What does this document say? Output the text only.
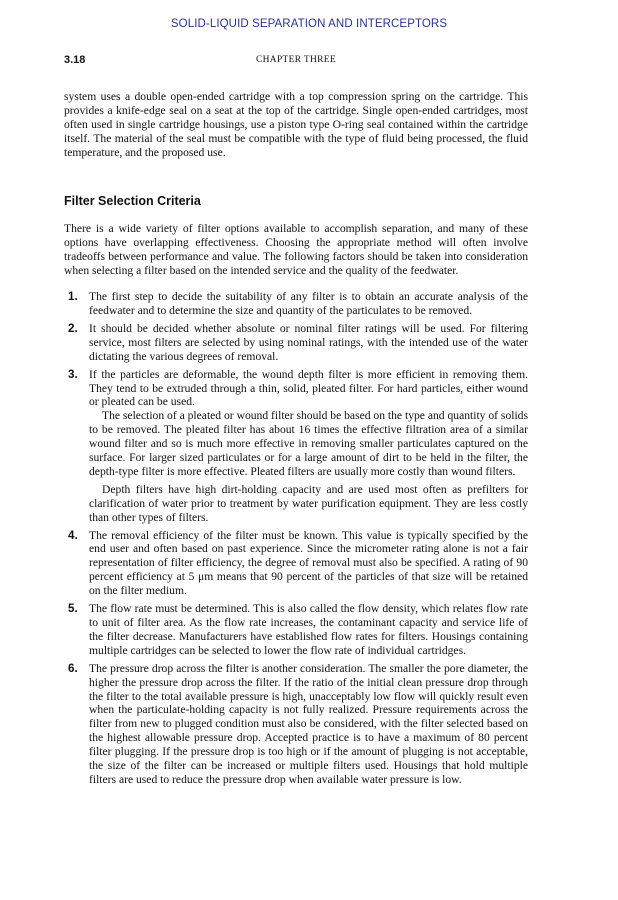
SOLID-LIQUID SEPARATION AND INTERCEPTORS
3.18	CHAPTER THREE

system uses a double open-ended cartridge with a top compression spring on the cartridge. This provides a knife-edge seal on a seat at the top of the cartridge. Single open-ended cartridges, most often used in single cartridge housings, use a piston type O-ring seal contained within the cartridge itself. The material of the seal must be compatible with the type of fluid being processed, the fluid temperature, and the proposed use.

Filter Selection Criteria

There is a wide variety of filter options available to accomplish separation, and many of these options have overlapping effectiveness. Choosing the appropriate method will often involve tradeoffs between performance and value. The following factors should be taken into consideration when selecting a filter based on the intended service and the quality of the feedwater.

1. The first step to decide the suitability of any filter is to obtain an accurate analysis of the feedwater and to determine the size and quantity of the particulates to be removed.
2. It should be decided whether absolute or nominal filter ratings will be used. For filtering service, most filters are selected by using nominal ratings, with the intended use of the water dictating the various degrees of removal.
3. If the particles are deformable, the wound depth filter is more efficient in removing them. They tend to be extruded through a thin, solid, pleated filter. For hard particles, either wound or pleated can be used.

The selection of a pleated or wound filter should be based on the type and quantity of solids to be removed. The pleated filter has about 16 times the effective filtration area of a similar wound filter and so is much more effective in removing smaller particulates captured on the surface. For larger sized particulates or for a large amount of dirt to be held in the filter, the depth-type filter is more effective. Pleated filters are usually more costly than wound filters.

Depth filters have high dirt-holding capacity and are used most often as prefilters for clarification of water prior to treatment by water purification equipment. They are less costly than other types of filters.

4. The removal efficiency of the filter must be known. This value is typically specified by the end user and often based on past experience. Since the micrometer rating alone is not a fair representation of filter efficiency, the degree of removal must also be specified. A rating of 90 percent efficiency at 5 μm means that 90 percent of the particles of that size will be retained on the filter medium.
5. The flow rate must be determined. This is also called the flow density, which relates flow rate to unit of filter area. As the flow rate increases, the contaminant capacity and service life of the filter decrease. Manufacturers have established flow rates for filters. Housings containing multiple cartridges can be selected to lower the flow rate of individual cartridges.
6. The pressure drop across the filter is another consideration. The smaller the pore diameter, the higher the pressure drop across the filter. If the ratio of the initial clean pressure drop through the filter to the total available pressure is high, unacceptably low flow will quickly result even when the particulate-holding capacity is not fully realized. Pressure requirements across the filter from new to plugged condition must also be considered, with the filter selected based on the highest allowable pressure drop. Accepted practice is to have a maximum of 80 percent filter plugging. If the pressure drop is too high or if the amount of plugging is not acceptable, the size of the filter can be increased or multiple filters used. Housings that hold multiple filters are used to reduce the pressure drop when available water pressure is low.
